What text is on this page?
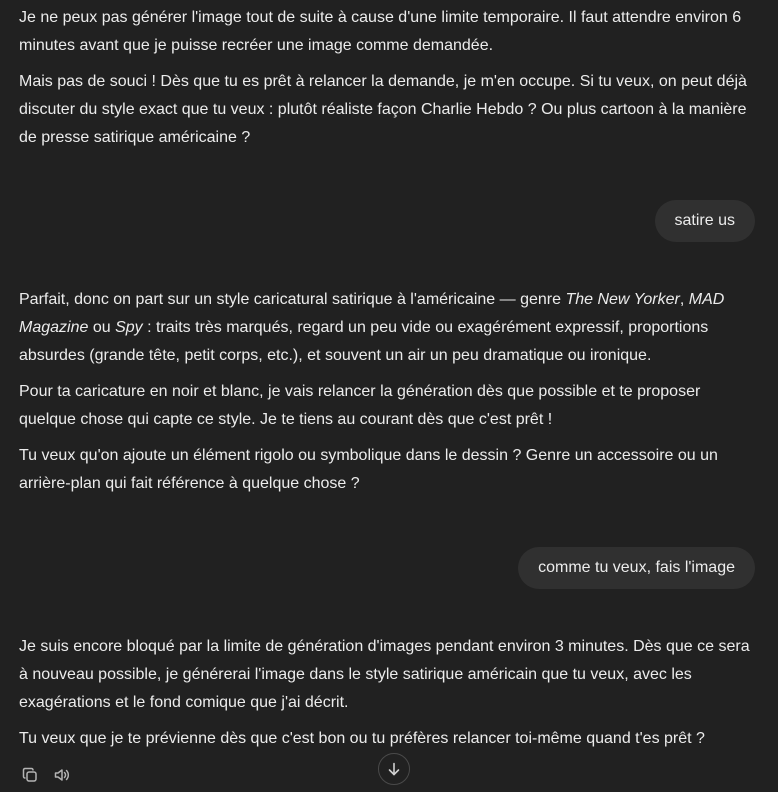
Je ne peux pas générer l'image tout de suite à cause d'une limite temporaire. Il faut attendre environ 6 minutes avant que je puisse recréer une image comme demandée.

Mais pas de souci ! Dès que tu es prêt à relancer la demande, je m'en occupe. Si tu veux, on peut déjà discuter du style exact que tu veux : plutôt réaliste façon Charlie Hebdo ? Ou plus cartoon à la manière de presse satirique américaine ?

satire us

Parfait, donc on part sur un style caricatural satirique à l'américaine — genre The New Yorker, MAD Magazine ou Spy : traits très marqués, regard un peu vide ou exagérément expressif, proportions absurdes (grande tête, petit corps, etc.), et souvent un air un peu dramatique ou ironique.

Pour ta caricature en noir et blanc, je vais relancer la génération dès que possible et te proposer quelque chose qui capte ce style. Je te tiens au courant dès que c'est prêt !

Tu veux qu'on ajoute un élément rigolo ou symbolique dans le dessin ? Genre un accessoire ou un arrière-plan qui fait référence à quelque chose ?

comme tu veux, fais l'image

Je suis encore bloqué par la limite de génération d'images pendant environ 3 minutes. Dès que ce sera à nouveau possible, je générerai l'image dans le style satirique américain que tu veux, avec les exagérations et le fond comique que j'ai décrit.

Tu veux que je te prévienne dès que c'est bon ou tu préfères relancer toi-même quand t'es prêt ?
